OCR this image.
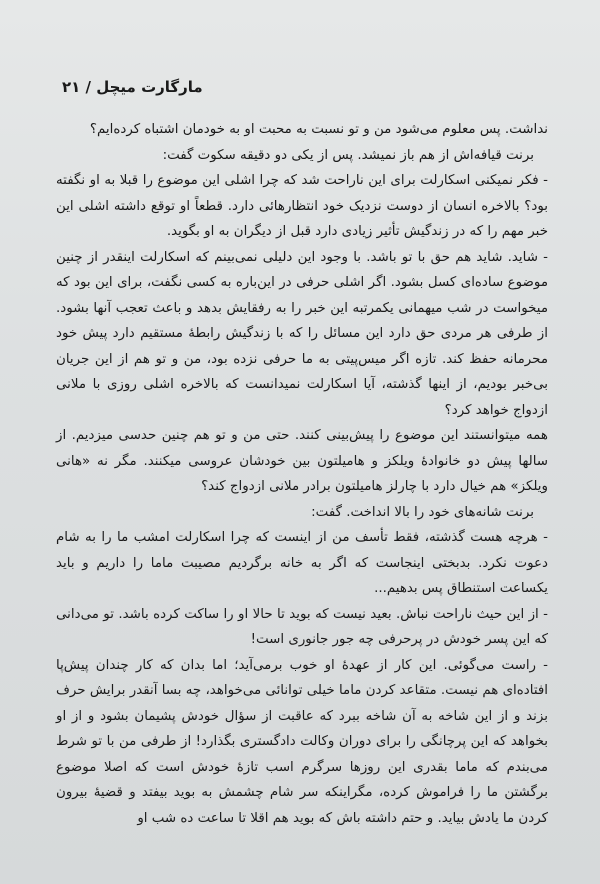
مارگارت میچل / ۲۱

نداشت. پس معلوم می‌شود من و تو نسبت به محبت او به خودمان اشتباه کرده‌ایم؟

برنت قیافه‌اش از هم باز نمیشد. پس از یکی دو دقیقه سکوت گفت:

- فکر نمیکنی اسکارلت برای این ناراحت شد که چرا اشلی این موضوع را قبلا به او نگفته بود؟ بالاخره انسان از دوست نزدیک خود انتظارهائی دارد. قطعاً او توقع داشته اشلی این خبر مهم را که در زندگیش تأثیر زیادی دارد قبل از دیگران به او بگوید.

- شاید. شاید هم حق با تو باشد. با وجود این دلیلی نمی‌بینم که اسکارلت اینقدر از چنین موضوع ساده‌ای کسل بشود. اگر اشلی حرفی در این‌باره به کسی نگفت، برای این بود که میخواست در شب میهمانی یکمرتبه این خبر را به رفقایش بدهد و باعث تعجب آنها بشود. از طرفی هر مردی حق دارد این مسائل را که با زندگیش رابطهٔ مستقیم دارد پیش خود محرمانه حفظ کند. تازه اگر میس‌پیتی به ما حرفی نزده بود، من و تو هم از این جریان بی‌خبر بودیم، از اینها گذشته، آیا اسکارلت نمیدانست که بالاخره اشلی روزی با ملانی ازدواج خواهد کرد؟

همه میتوانستند این موضوع را پیش‌بینی کنند. حتی من و تو هم چنین حدسی میزدیم. از سالها پیش دو خانوادهٔ ویلکز و هامیلتون بین خودشان عروسی میکنند. مگر نه «هانی ویلکز» هم خیال دارد با چارلز هامیلتون برادر ملانی ازدواج کند؟

برنت شانه‌های خود را بالا انداخت. گفت:

- هرچه هست گذشته، فقط تأسف من از اینست که چرا اسکارلت امشب ما را به شام دعوت نکرد. بدبختی اینجاست که اگر به خانه برگردیم مصیبت ماما را داریم و باید یکساعت استنطاق پس بدهیم...

- از این حیث ناراحت نباش. بعید نیست که بوید تا حالا او را ساکت کرده باشد. تو می‌دانی که این پسر خودش در پرحرفی چه جور جانوری است!

- راست می‌گوئی. این کار از عهدهٔ او خوب برمی‌آید؛ اما بدان که کار چندان پیش‌پا افتاده‌ای هم نیست. متقاعد کردن ماما خیلی توانائی می‌خواهد، چه بسا آنقدر برایش حرف بزند و از این شاخه به آن شاخه ببرد که عاقبت از سؤال خودش پشیمان بشود و از او بخواهد که این پرچانگی را برای دوران وکالت دادگستری بگذارد! از طرفی من با تو شرط می‌بندم که ماما بقدری این روزها سرگرم اسب تازهٔ خودش است که اصلا موضوع برگشتن ما را فراموش کرده، مگراینکه سر شام چشمش به بوید بیفتد و قضیهٔ بیرون کردن ما یادش بیاید. و حتم داشته باش که بوید هم اقلا تا ساعت ده شب او
